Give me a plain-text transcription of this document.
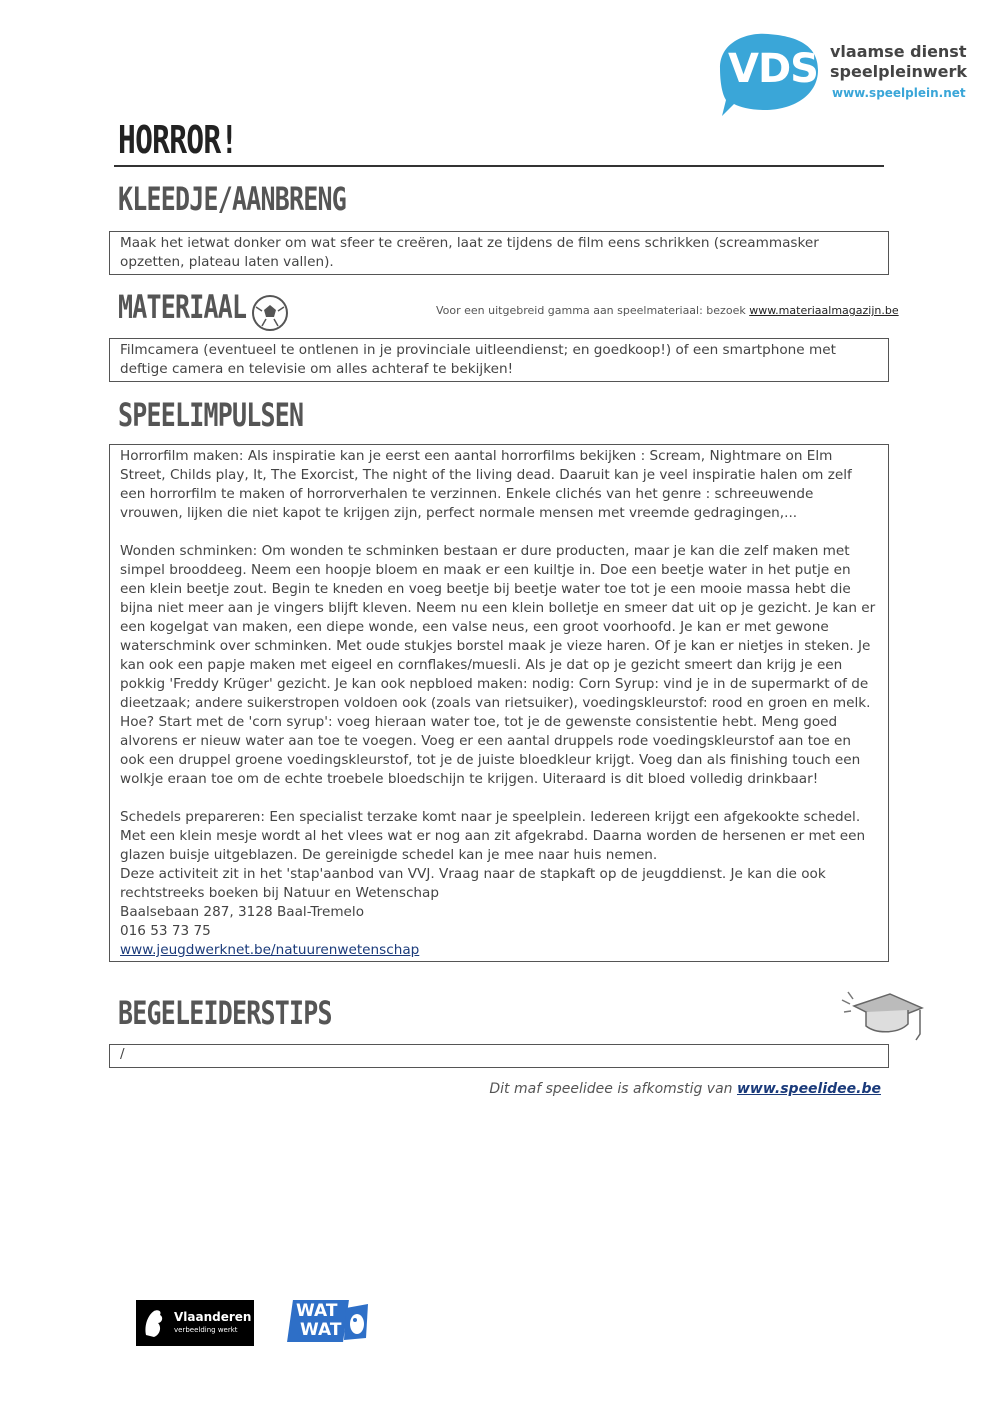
VDS vlaamse dienst
speelpleinwerk
www.speelplein.net
HORROR!
KLEEDJE/AANBRENG

Maak het ietwat donker om wat sfeer te creëren, laat ze tijdens de film eens schrikken (screammasker opzetten, plateau laten vallen).

MATERIAAL	Voor een uitgebreid gamma aan speelmateriaal: bezoek www.materiaalmagazijn.be

Filmcamera (eventueel te ontlenen in je provinciale uitleendienst; en goedkoop!) of een smartphone met deftige camera en televisie om alles achteraf te bekijken!

SPEELIMPULSEN

Horrorfilm maken: Als inspiratie kan je eerst een aantal horrorfilms bekijken : Scream, Nightmare on Elm Street, Childs play, It, The Exorcist, The night of the living dead. Daaruit kan je veel inspiratie halen om zelf een horrorfilm te maken of horrorverhalen te verzinnen. Enkele clichés van het genre : schreeuwende vrouwen, lijken die niet kapot te krijgen zijn, perfect normale mensen met vreemde gedragingen,...

Wonden schminken: Om wonden te schminken bestaan er dure producten, maar je kan die zelf maken met simpel brooddeeg. Neem een hoopje bloem en maak er een kuiltje in. Doe een beetje water in het putje en een klein beetje zout. Begin te kneden en voeg beetje bij beetje water toe tot je een mooie massa hebt die bijna niet meer aan je vingers blijft kleven. Neem nu een klein bolletje en smeer dat uit op je gezicht. Je kan er een kogelgat van maken, een diepe wonde, een valse neus, een groot voorhoofd. Je kan er met gewone waterschmink over schminken. Met oude stukjes borstel maak je vieze haren. Of je kan er nietjes in steken. Je kan ook een papje maken met eigeel en cornflakes/muesli. Als je dat op je gezicht smeert dan krijg je een pokkig 'Freddy Krüger' gezicht. Je kan ook nepbloed maken: nodig: Corn Syrup: vind je in de supermarkt of de dieetzaak; andere suikerstropen voldoen ook (zoals van rietsuiker), voedingskleurstof: rood en groen en melk. Hoe? Start met de 'corn syrup': voeg hieraan water toe, tot je de gewenste consistentie hebt. Meng goed alvorens er nieuw water aan toe te voegen. Voeg er een aantal druppels rode voedingskleurstof aan toe en ook een druppel groene voedingskleurstof, tot je de juiste bloedkleur krijgt. Voeg dan als finishing touch een wolkje eraan toe om de echte troebele bloedschijn te krijgen. Uiteraard is dit bloed volledig drinkbaar!

Schedels prepareren: Een specialist terzake komt naar je speelplein. Iedereen krijgt een afgekookte schedel. Met een klein mesje wordt al het vlees wat er nog aan zit afgekrabd. Daarna worden de hersenen er met een glazen buisje uitgeblazen. De gereinigde schedel kan je mee naar huis nemen.

Deze activiteit zit in het 'stap'aanbod van VVJ. Vraag naar de stapkaft op de jeugddienst. Je kan die ook rechtstreeks boeken bij Natuur en Wetenschap

Baalsebaan 287, 3128 Baal-Tremelo

016 53 73 75

www.jeugdwerknet.be/natuurenwetenschap

BEGELEIDERSTIPS

/

Dit maf speelidee is afkomstig van www.speelidee.be
Vlaanderen
verbeelding werkt
WAT
WAT
